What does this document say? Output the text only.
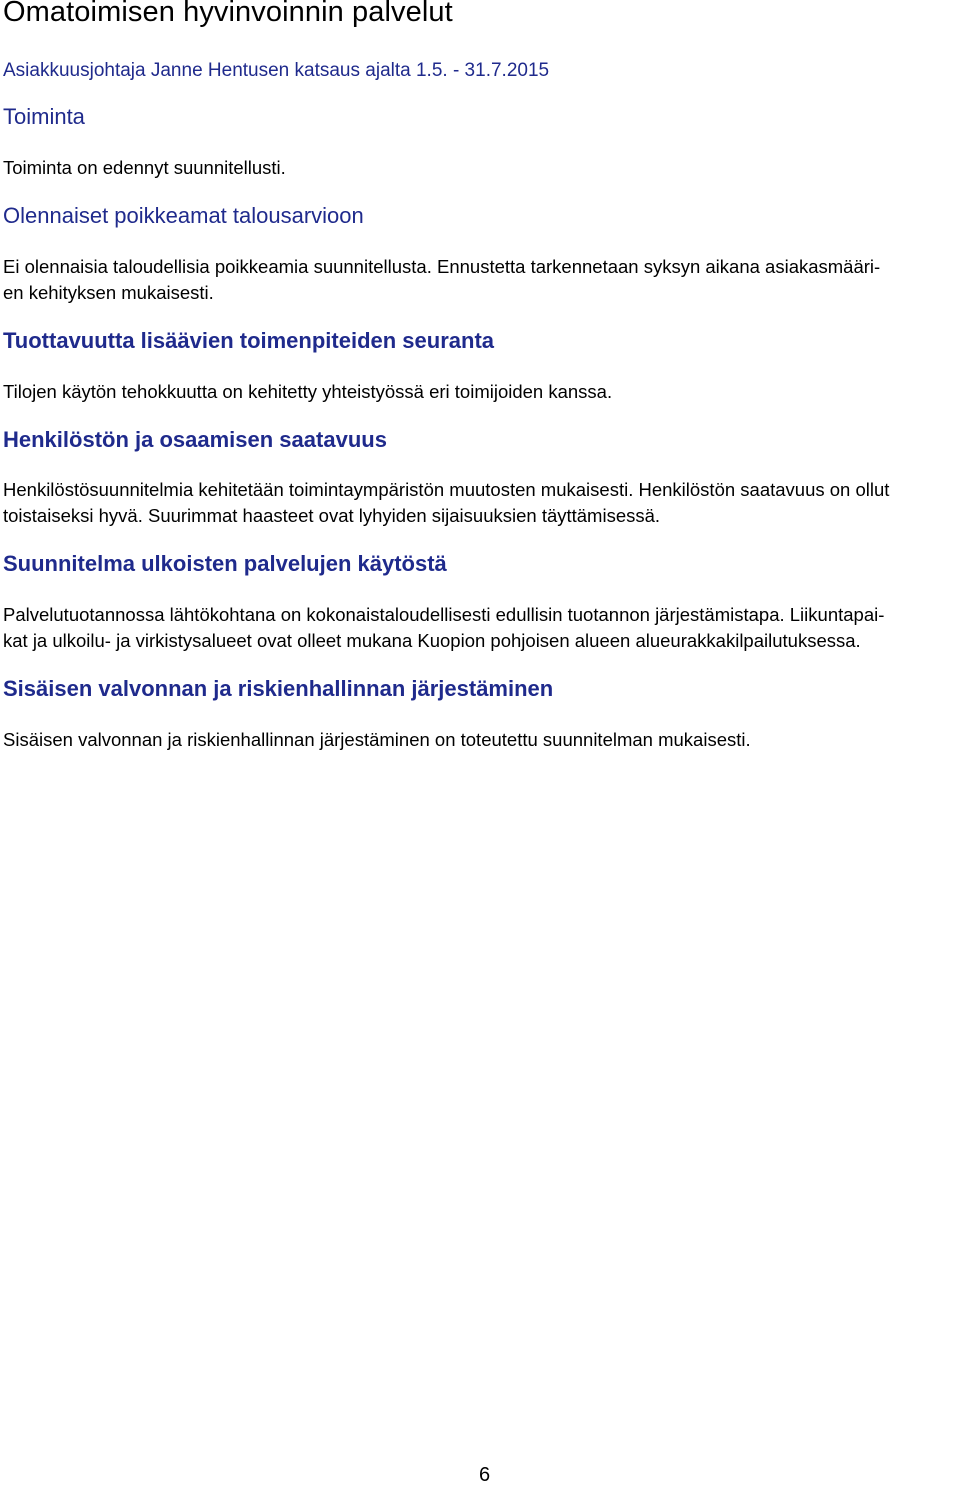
Omatoimisen hyvinvoinnin palvelut
Asiakkuusjohtaja Janne Hentusen katsaus ajalta 1.5. - 31.7.2015
Toiminta

Toiminta on edennyt suunnitellusti.

Olennaiset poikkeamat talousarvioon

Ei olennaisia taloudellisia poikkeamia suunnitellusta. Ennustetta tarkennetaan syksyn aikana asiakasmääri-
en kehityksen mukaisesti.

Tuottavuutta lisäävien toimenpiteiden seuranta

Tilojen käytön tehokkuutta on kehitetty yhteistyössä eri toimijoiden kanssa.

Henkilöstön ja osaamisen saatavuus

Henkilöstösuunnitelmia kehitetään toimintaympäristön muutosten mukaisesti. Henkilöstön saatavuus on ollut
toistaiseksi hyvä. Suurimmat haasteet ovat lyhyiden sijaisuuksien täyttämisessä.

Suunnitelma ulkoisten palvelujen käytöstä

Palvelutuotannossa lähtökohtana on kokonaistaloudellisesti edullisin tuotannon järjestämistapa. Liikuntapai-
kat ja ulkoilu- ja virkistysalueet ovat olleet mukana Kuopion pohjoisen alueen alueurakkakilpailutuksessa.

Sisäisen valvonnan ja riskienhallinnan järjestäminen

Sisäisen valvonnan ja riskienhallinnan järjestäminen on toteutettu suunnitelman mukaisesti.

6
